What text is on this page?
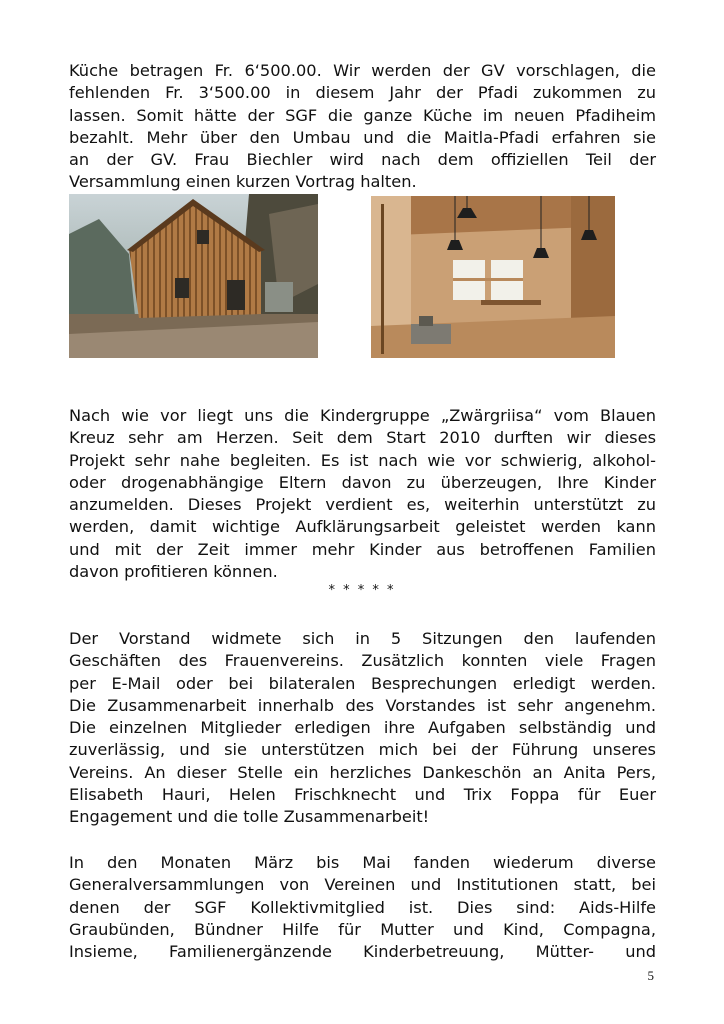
Küche betragen Fr. 6‘500.00. Wir werden der GV vorschlagen, die
fehlenden Fr. 3‘500.00 in diesem Jahr der Pfadi zukommen zu
lassen. Somit hätte der SGF die ganze Küche im neuen Pfadiheim
bezahlt. Mehr über den Umbau und die Maitla-Pfadi erfahren sie
an der GV. Frau Biechler wird nach dem offiziellen Teil der
Versammlung einen kurzen Vortrag halten.

Nach wie vor liegt uns die Kindergruppe „Zwärgriisa“ vom Blauen
Kreuz sehr am Herzen. Seit dem Start 2010 durften wir dieses
Projekt sehr nahe begleiten. Es ist nach wie vor schwierig, alkohol-
oder drogenabhängige Eltern davon zu überzeugen, Ihre Kinder
anzumelden. Dieses Projekt verdient es, weiterhin unterstützt zu
werden, damit wichtige Aufklärungsarbeit geleistet werden kann
und mit der Zeit immer mehr Kinder aus betroffenen Familien
davon profitieren können.

* * * * *

Der Vorstand widmete sich in 5 Sitzungen den laufenden
Geschäften des Frauenvereins. Zusätzlich konnten viele Fragen
per E-Mail oder bei bilateralen Besprechungen erledigt werden.
Die Zusammenarbeit innerhalb des Vorstandes ist sehr angenehm.
Die einzelnen Mitglieder erledigen ihre Aufgaben selbständig und
zuverlässig, und sie unterstützen mich bei der Führung unseres
Vereins. An dieser Stelle ein herzliches Dankeschön an Anita Pers,
Elisabeth Hauri, Helen Frischknecht und Trix Foppa für Euer
Engagement und die tolle Zusammenarbeit!

In den Monaten März bis Mai fanden wiederum diverse
Generalversammlungen von Vereinen und Institutionen statt, bei
denen der SGF Kollektivmitglied ist. Dies sind: Aids-Hilfe
Graubünden, Bündner Hilfe für Mutter und Kind, Compagna,
Insieme, Familienergänzende Kinderbetreuung, Mütter- und

5
